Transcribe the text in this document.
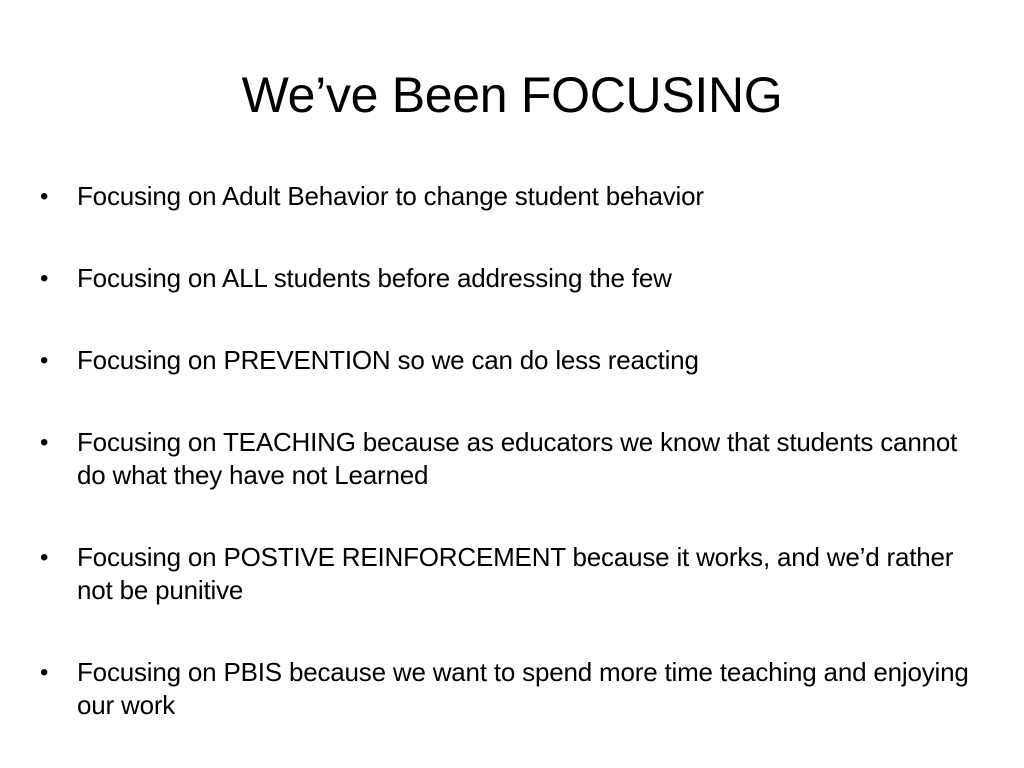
We’ve Been FOCUSING
•	Focusing on Adult Behavior to change student behavior
•	Focusing on ALL students before addressing the few
•	Focusing on PREVENTION so we can do less reacting
•	Focusing on TEACHING because as educators we know that students cannot do what they have not Learned
•	Focusing on POSTIVE REINFORCEMENT because it works, and we’d rather not be punitive
•	Focusing on PBIS because we want to spend more time teaching and enjoying our work
